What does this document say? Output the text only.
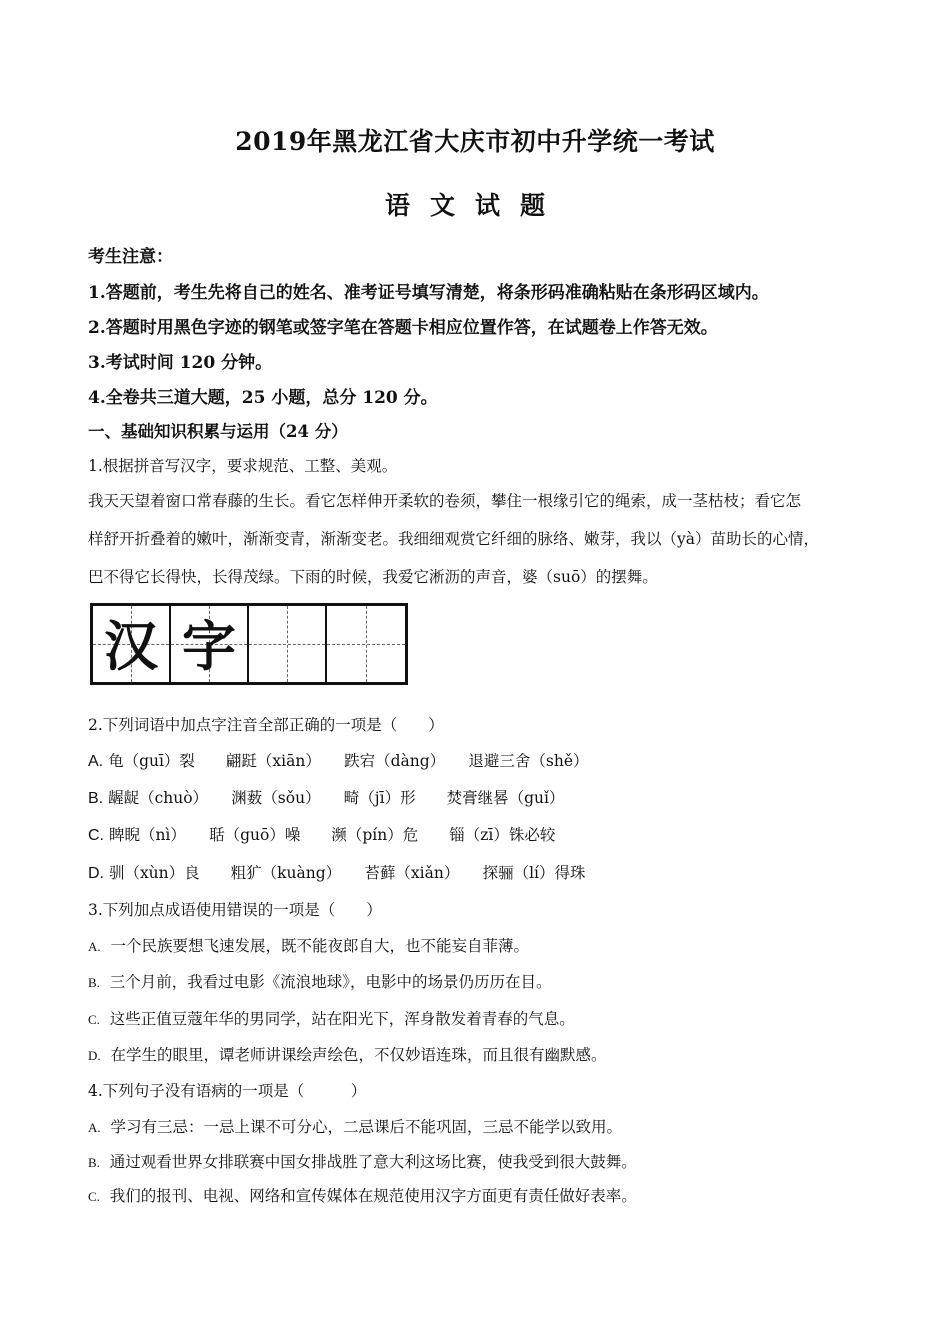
2019年黑龙江省大庆市初中升学统一考试
语文试题
考生注意：
1.答题前，考生先将自己的姓名、准考证号填写清楚，将条形码准确粘贴在条形码区域内。
2.答题时用黑色字迹的钢笔或签字笔在答题卡相应位置作答，在试题卷上作答无效。
3.考试时间 120 分钟。
4.全卷共三道大题，25 小题，总分 120 分。
一、基础知识积累与运用（24 分）
1.根据拼音写汉字，要求规范、工整、美观。
我天天望着窗口常春藤的生长。看它怎样伸开柔软的卷须，攀住一根缘引它的绳索，成一茎枯枝；看它怎
样舒开折叠着的嫩叶，渐渐变青，渐渐变老。我细细观赏它纤细的脉络、嫩芽，我以（yà）苗助长的心情，
巴不得它长得快，长得茂绿。下雨的时候，我爱它淅沥的声音，婆（suō）的摆舞。
汉 字
2.下列词语中加点字注音全部正确的一项是（　　）
A. 龟（guī）裂　　翩跹（xiān）　　跌宕（dàng）　　退避三舍（shě）
B. 龌龊（chuò）　　渊薮（sǒu）　　畸（jī）形　　焚膏继晷（guǐ）
C. 睥睨（nì）　　聒（guō）噪　　濒（pín）危　　锱（zī）铢必较
D. 驯（xùn）良　　粗犷（kuàng）　　苔藓（xiǎn）　　探骊（lí）得珠
3.下列加点成语使用错误的一项是（　　）
A. 一个民族要想飞速发展，既不能夜郎自大，也不能妄自菲薄。
B. 三个月前，我看过电影《流浪地球》，电影中的场景仍历历在目。
C. 这些正值豆蔻年华的男同学，站在阳光下，浑身散发着青春的气息。
D. 在学生的眼里，谭老师讲课绘声绘色，不仅妙语连珠，而且很有幽默感。
4.下列句子没有语病的一项是（　　　）
A. 学习有三忌：一忌上课不可分心，二忌课后不能巩固，三忌不能学以致用。
B. 通过观看世界女排联赛中国女排战胜了意大利这场比赛，使我受到很大鼓舞。
C. 我们的报刊、电视、网络和宣传媒体在规范使用汉字方面更有责任做好表率。
